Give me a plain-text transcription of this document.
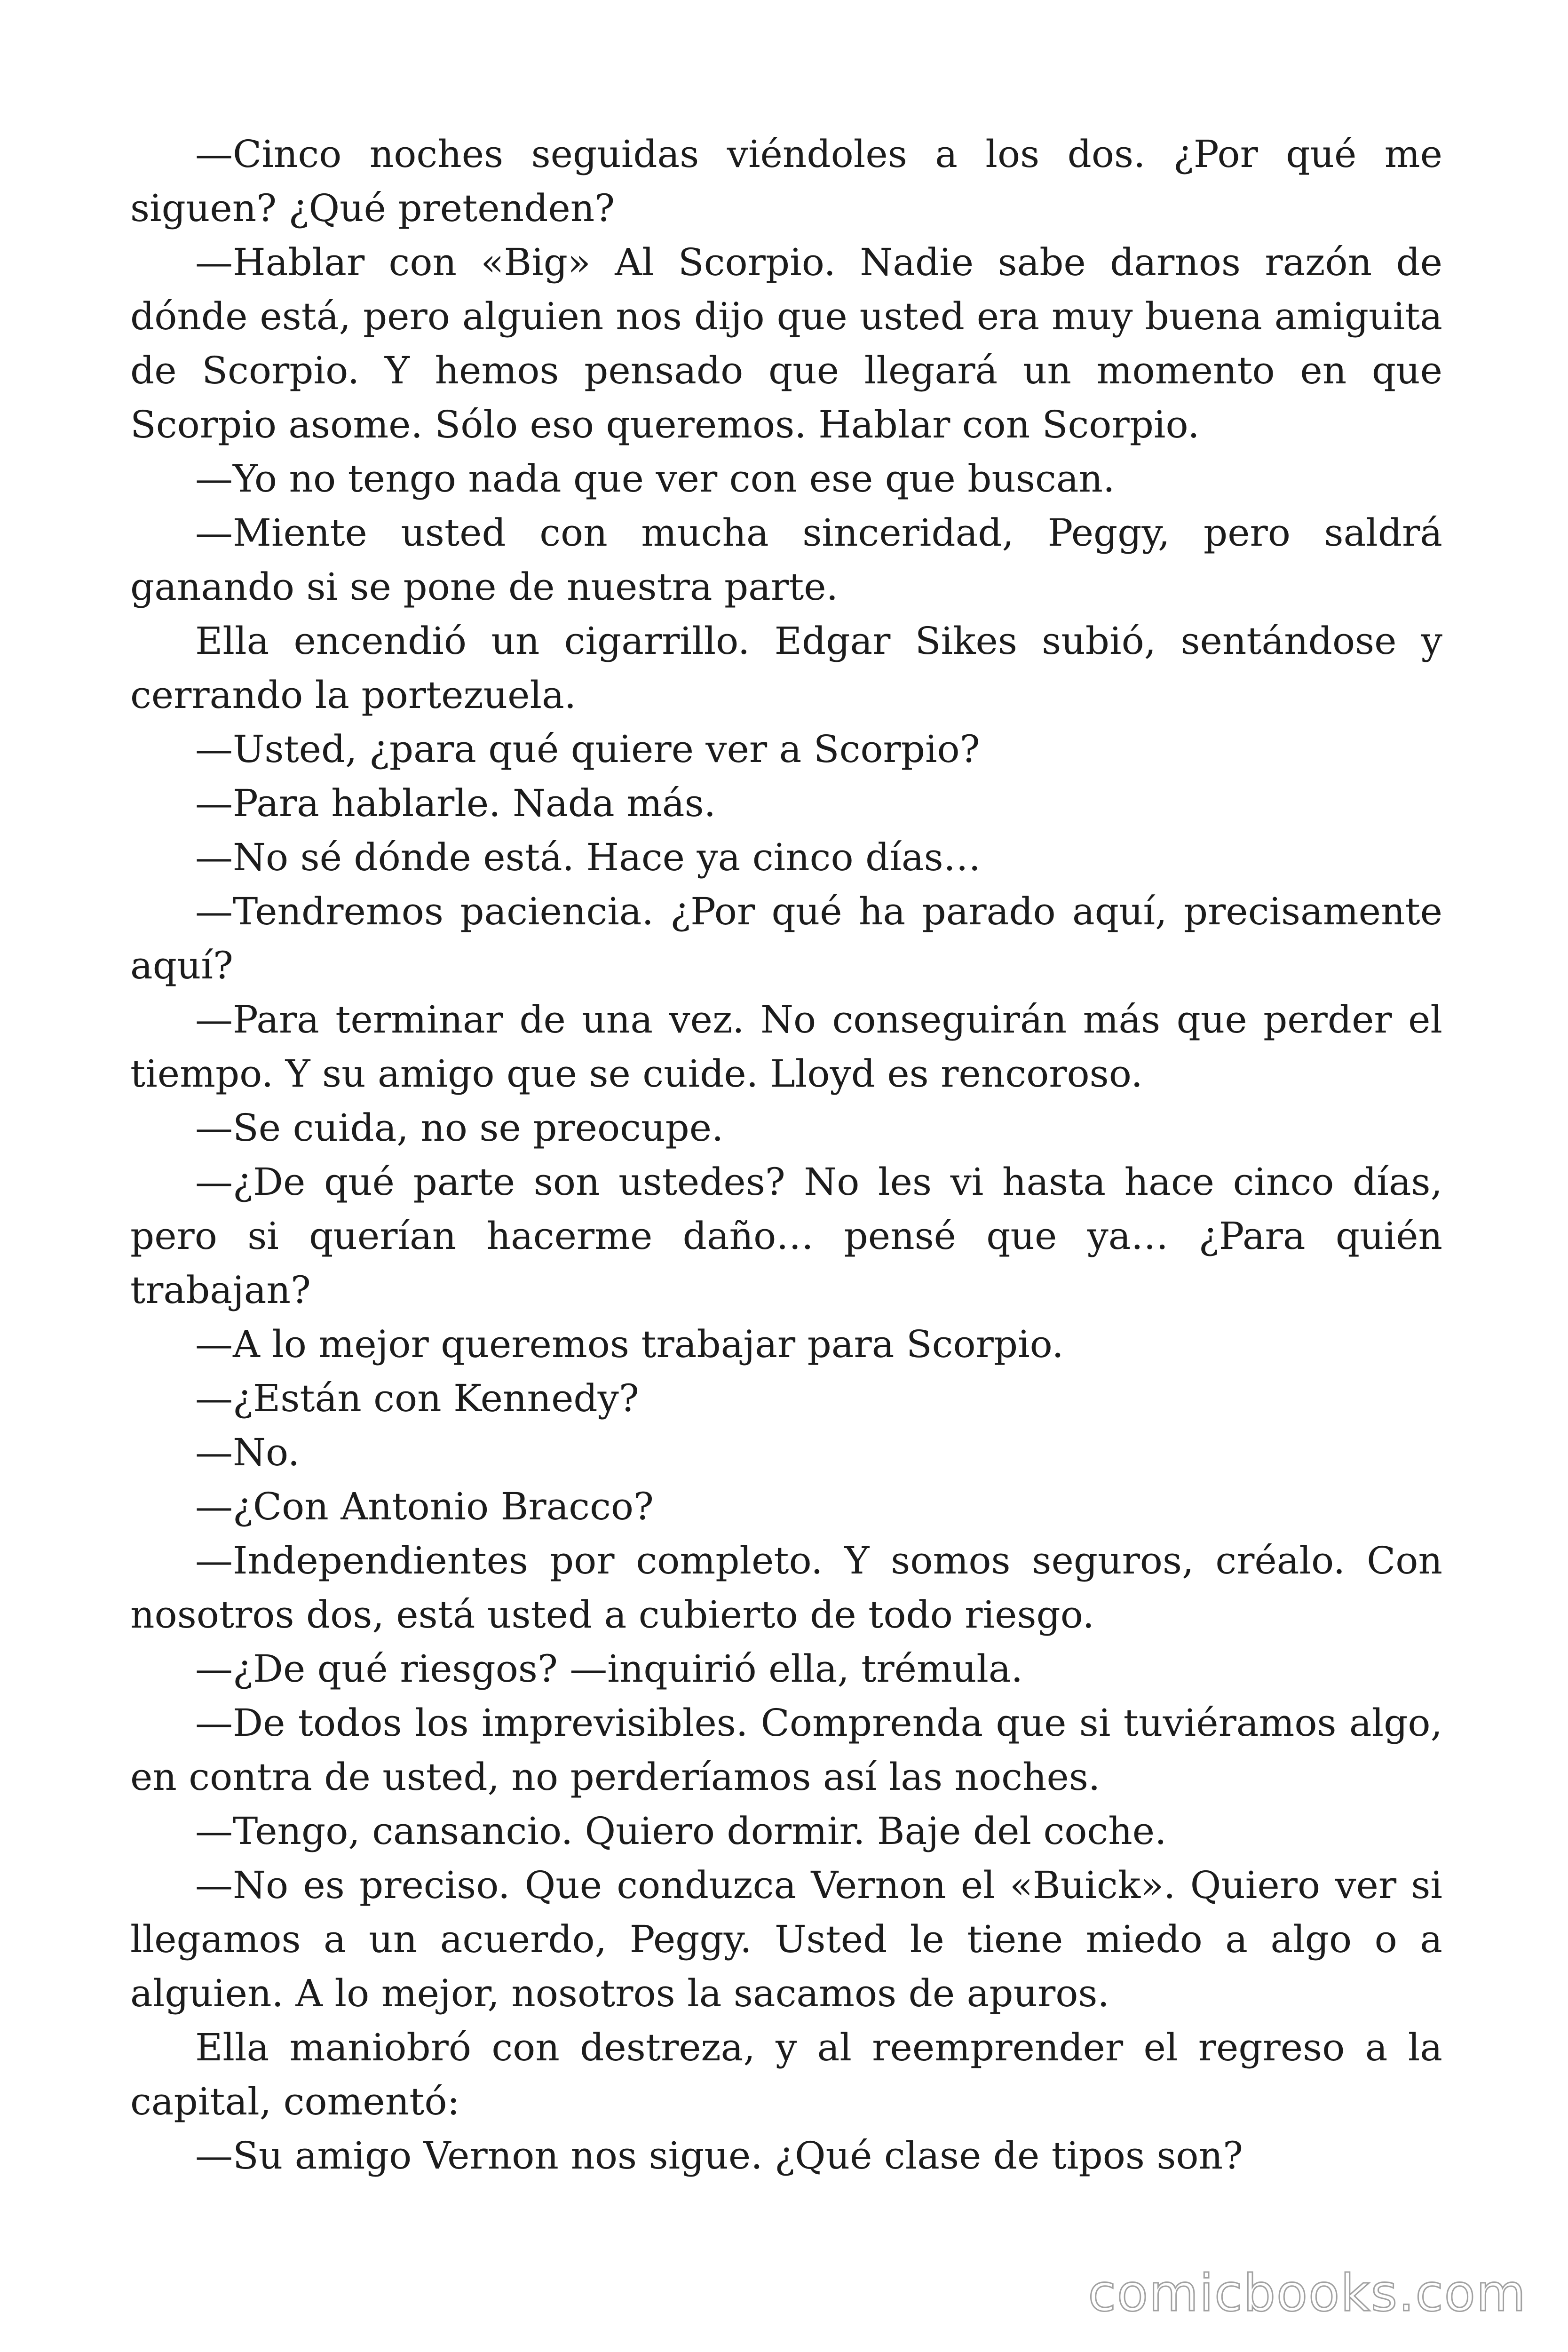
—Cinco noches seguidas viéndoles a los dos. ¿Por qué me siguen? ¿Qué pretenden?

—Hablar con «Big» Al Scorpio. Nadie sabe darnos razón de dónde está, pero alguien nos dijo que usted era muy buena amiguita de Scorpio. Y hemos pensado que llegará un momento en que Scorpio asome. Sólo eso queremos. Hablar con Scorpio.

—Yo no tengo nada que ver con ese que buscan.

—Miente usted con mucha sinceridad, Peggy, pero saldrá ganando si se pone de nuestra parte.

Ella encendió un cigarrillo. Edgar Sikes subió, sentándose y cerrando la portezuela.

—Usted, ¿para qué quiere ver a Scorpio?

—Para hablarle. Nada más.

—No sé dónde está. Hace ya cinco días…

—Tendremos paciencia. ¿Por qué ha parado aquí, precisamente aquí?

—Para terminar de una vez. No conseguirán más que perder el tiempo. Y su amigo que se cuide. Lloyd es rencoroso.

—Se cuida, no se preocupe.

—¿De qué parte son ustedes? No les vi hasta hace cinco días, pero si querían hacerme daño… pensé que ya… ¿Para quién trabajan?

—A lo mejor queremos trabajar para Scorpio.

—¿Están con Kennedy?

—No.

—¿Con Antonio Bracco?

—Independientes por completo. Y somos seguros, créalo. Con nosotros dos, está usted a cubierto de todo riesgo.

—¿De qué riesgos? —inquirió ella, trémula.

—De todos los imprevisibles. Comprenda que si tuviéramos algo, en contra de usted, no perderíamos así las noches.

—Tengo, cansancio. Quiero dormir. Baje del coche.

—No es preciso. Que conduzca Vernon el «Buick». Quiero ver si llegamos a un acuerdo, Peggy. Usted le tiene miedo a algo o a alguien. A lo mejor, nosotros la sacamos de apuros.

Ella maniobró con destreza, y al reemprender el regreso a la capital, comentó:

—Su amigo Vernon nos sigue. ¿Qué clase de tipos son?

comicbooks.com
